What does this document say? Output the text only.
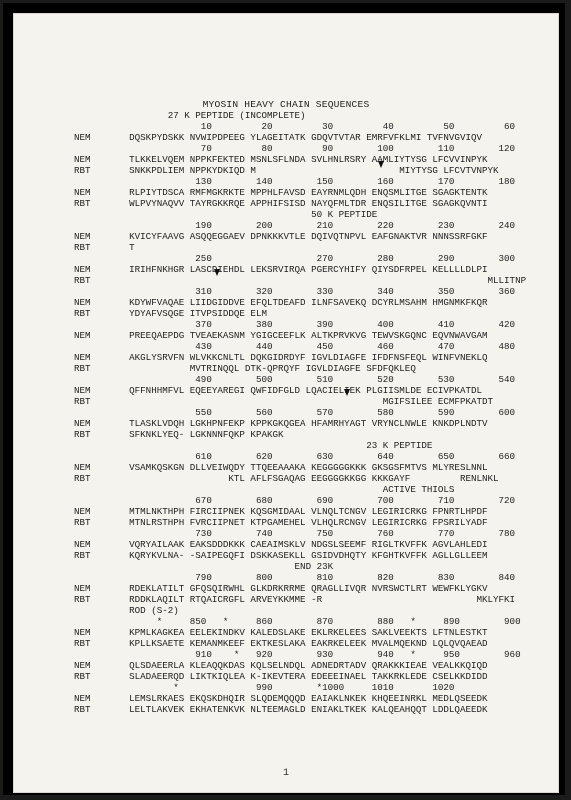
MYOSIN HEAVY CHAIN SEQUENCES
27 K PEPTIDE (INCOMPLETE)
10         20         30         40         50         60
NEM       DQSKPYDSKK NVWIPDPEEG YLAGEITATK GDQVTVTAR EMRFVFKLMI TVFNVGVIQV
70         80         90        100        110        120
NEM       TLKKELVQEM NPPKFEKTED MSNLSFLNDA SVLHNLRSRY AAMLIYTYSG LFCVVINPYK
RBT       SNKKPDLIEM NPPKYDKIQD M                          MIYTYSG LFCVTVNPYK
130        140        150        160        170        180
NEM       RLPIYTDSCA RMFMGKRKTE MPPHLFAVSD EAYRNMLQDH ENQSMLITGE SGAGKTENTK
RBT       WLPVYNAQVV TAYRGKKRQE APPHIFSISD NAYQFMLTDR ENQSILITGE SGAGKQVNTI
50 K PEPTIDE
190        200        210        220        230        240
NEM       KVICYFAAVG ASQQEGGAEV DPNKKKVTLE DQIVQTNPVL EAFGNAKTVR NNNSSRFGKF
RBT       T
250                   270        280        290        300
NEM       IRIHFNKHGR LASCDIEHDL LEKSRVIRQA PGERCYHIFY QIYSDFRPEL KELLLLDLPI
RBT                                                                        MLLITNP
310        320        330        340        350        360
NEM       KDYWFVAQAE LIIDGIDDVE EFQLTDEAFD ILNFSAVEKQ DCYRLMSAHM HMGNMKFKQR
RBT       YDYAFVSQGE ITVPSIDDQE ELM
370        380        390        400        410        420
NEM       PREEQAEPDG TVEAEKASNM YGIGCEEFLK ALTKPRVKVG TEWVSKGQNC EQVNWAVGAM
430        440        450        460        470        480
NEM       AKGLYSRVFN WLVKKCNLTL DQKGIDRDYF IGVLDIAGFE IFDFNSFEQL WINFVNEKLQ
RBT                  MVTRINQQL DTK-QPRQYF IGVLDIAGFE SFDFQKLEQ
490        500        510        520        530        540
NEM       QFFNHHMFVL EQEEYAREGI QWFIDFGLD LQACIELIEK PLGIISMLDE ECIVPKATDL
RBT                                                     MGIFSILEE ECMFPKATDT
550        560        570        580        590        600
NEM       TLASKLVDQH LGKHPNFEKP KPPKGKQGEA HFAMRHYAGT VRYNCLNWLE KNKDPLNDTV
RBT       SFKNKLYEQ- LGKNNNFQKP KPAKGK
23 K PEPTIDE
610        620        630        640        650        660
NEM       VSAMKQSKGN DLLVEIWQDY TTQEEAAAKA KEGGGGGKKK GKSGSFMTVS MLYRESLNNL
RBT                         KTL AFLFSGAQAG EEGGGGKKGG KKKGAYF         RENLNKL
ACTIVE THIOLS
670        680        690        700        710        720
NEM       MTMLNKTHPH FIRCIIPNEK KQSGMIDAAL VLNQLTCNGV LEGIRICRKG FPNRTLHPDF
RBT       MTNLRSTHPH FVRCIIPNET KTPGAMEHEL VLHQLRCNGV LEGIRICRKG FPSRILYADF
730        740        750        760        770        780
NEM       VQRYAILAAK EAKSDDDKKK CAEAIMSKLV NDGSLSEEMF RIGLTKVFFK AGVLAHLEDI
RBT       KQRYKVLNA- -SAIPEGQFI DSKKASEKLL GSIDVDHQTY KFGHTKVFFK AGLLGLLEEM
END 23K
790        800        810        820        830        840
NEM       RDEKLATILT GFQSQIRWHL GLKDRKRRME QRAGLLIVQR NVRSWCTLRT WEWFKLYGKV
RBT       RDDKLAQILT RTQAICRGFL ARVEYKKMME -R                            MKLYFKI
ROD (S-2)
*     850   *     860        870        880   *     890        900
NEM       KPMLKAGKEA EELEKINDKV KALEDSLAKE EKLRKELEES SAKLVEEKTS LFTNLESTKT
RBT       KPLLKSAETE KEMANMKEEF EKTKESLAKA EAKRKELEEK MVALMQEKND LQLQVQAEAD
910    *   920        930        940   *     950        960
NEM       QLSDAEERLA KLEAQQKDAS KQLSELNDQL ADNEDRTADV QRAKKKIEAE VEALKKQIQD
RBT       SLADAEERQD LIKTKIQLEA K-IKEVTERA EDEEEINAEL TAKKRKLEDE CSELKKDIDD
*              990        *1000     1010       1020
NEM       LEMSLRKAES EKQSKDHQIR SLQDEMQQQD EAIAKLNKEK KHQEEINRKL MEDLQSEEDK
RBT       LELTLAKVEK EKHATENKVK NLTEEMAGLD ENIAKLTKEK KALQEAHQQT LDDLQAEEDK
1
